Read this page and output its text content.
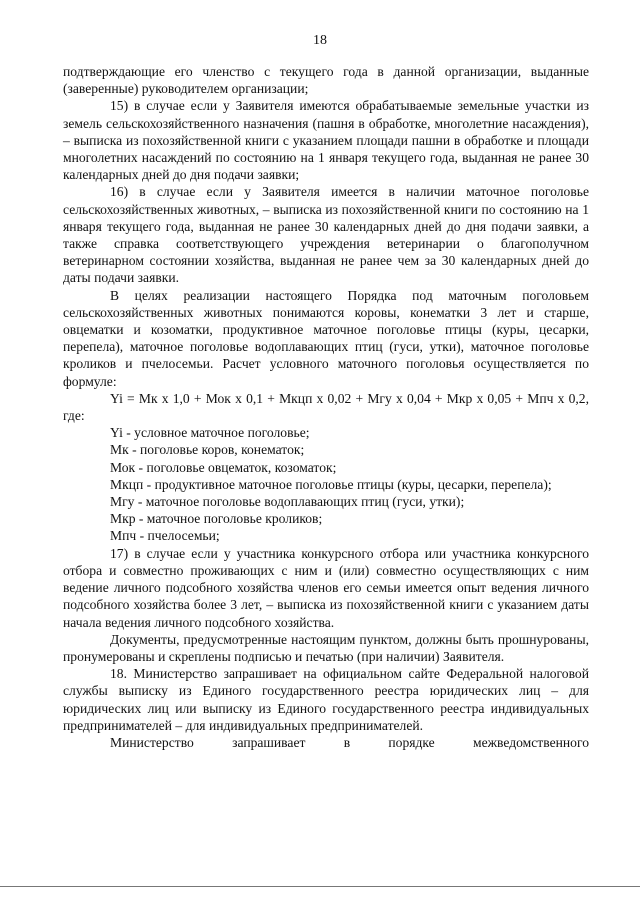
18

подтверждающие его членство с текущего года в данной организации, выданные (заверенные) руководителем организации;

15) в случае если у Заявителя имеются обрабатываемые земельные участки из земель сельскохозяйственного назначения (пашня в обработке, многолетние насаждения), – выписка из похозяйственной книги с указанием площади пашни в обработке и площади многолетних насаждений по состоянию на 1 января текущего года, выданная не ранее 30 календарных дней до дня подачи заявки;

16) в случае если у Заявителя имеется в наличии маточное поголовье сельскохозяйственных животных, – выписка из похозяйственной книги по состоянию на 1 января текущего года, выданная не ранее 30 календарных дней до дня подачи заявки, а также справка соответствующего учреждения ветеринарии о благополучном ветеринарном состоянии хозяйства, выданная не ранее чем за 30 календарных дней до даты подачи заявки.

В целях реализации настоящего Порядка под маточным поголовьем сельскохозяйственных животных понимаются коровы, конематки 3 лет и старше, овцематки и козоматки, продуктивное маточное поголовье птицы (куры, цесарки, перепела), маточное поголовье водоплавающих птиц (гуси, утки), маточное поголовье кроликов и пчелосемьи. Расчет условного маточного поголовья осуществляется по формуле:

Yi = Мк х 1,0 + Мок х 0,1 + Мкцп х 0,02 + Мгу х 0,04 + Мкр х 0,05 + Мпч х 0,2, где:

Yi - условное маточное поголовье;

Мк - поголовье коров, конематок;

Мок - поголовье овцематок, козоматок;

Мкцп - продуктивное маточное поголовье птицы (куры, цесарки, перепела);

Мгу - маточное поголовье водоплавающих птиц (гуси, утки);

Мкр - маточное поголовье кроликов;

Мпч - пчелосемьи;

17) в случае если у участника конкурсного отбора или участника конкурсного отбора и совместно проживающих с ним и (или) совместно осуществляющих с ним ведение личного подсобного хозяйства членов его семьи имеется опыт ведения личного подсобного хозяйства более 3 лет, – выписка из похозяйственной книги с указанием даты начала ведения личного подсобного хозяйства.

Документы, предусмотренные настоящим пунктом, должны быть прошнурованы, пронумерованы и скреплены подписью и печатью (при наличии) Заявителя.

18. Министерство запрашивает на официальном сайте Федеральной налоговой службы выписку из Единого государственного реестра юридических лиц – для юридических лиц или выписку из Единого государственного реестра индивидуальных предпринимателей – для индивидуальных предпринимателей.

Министерство	запрашивает	в	порядке	межведомственного
